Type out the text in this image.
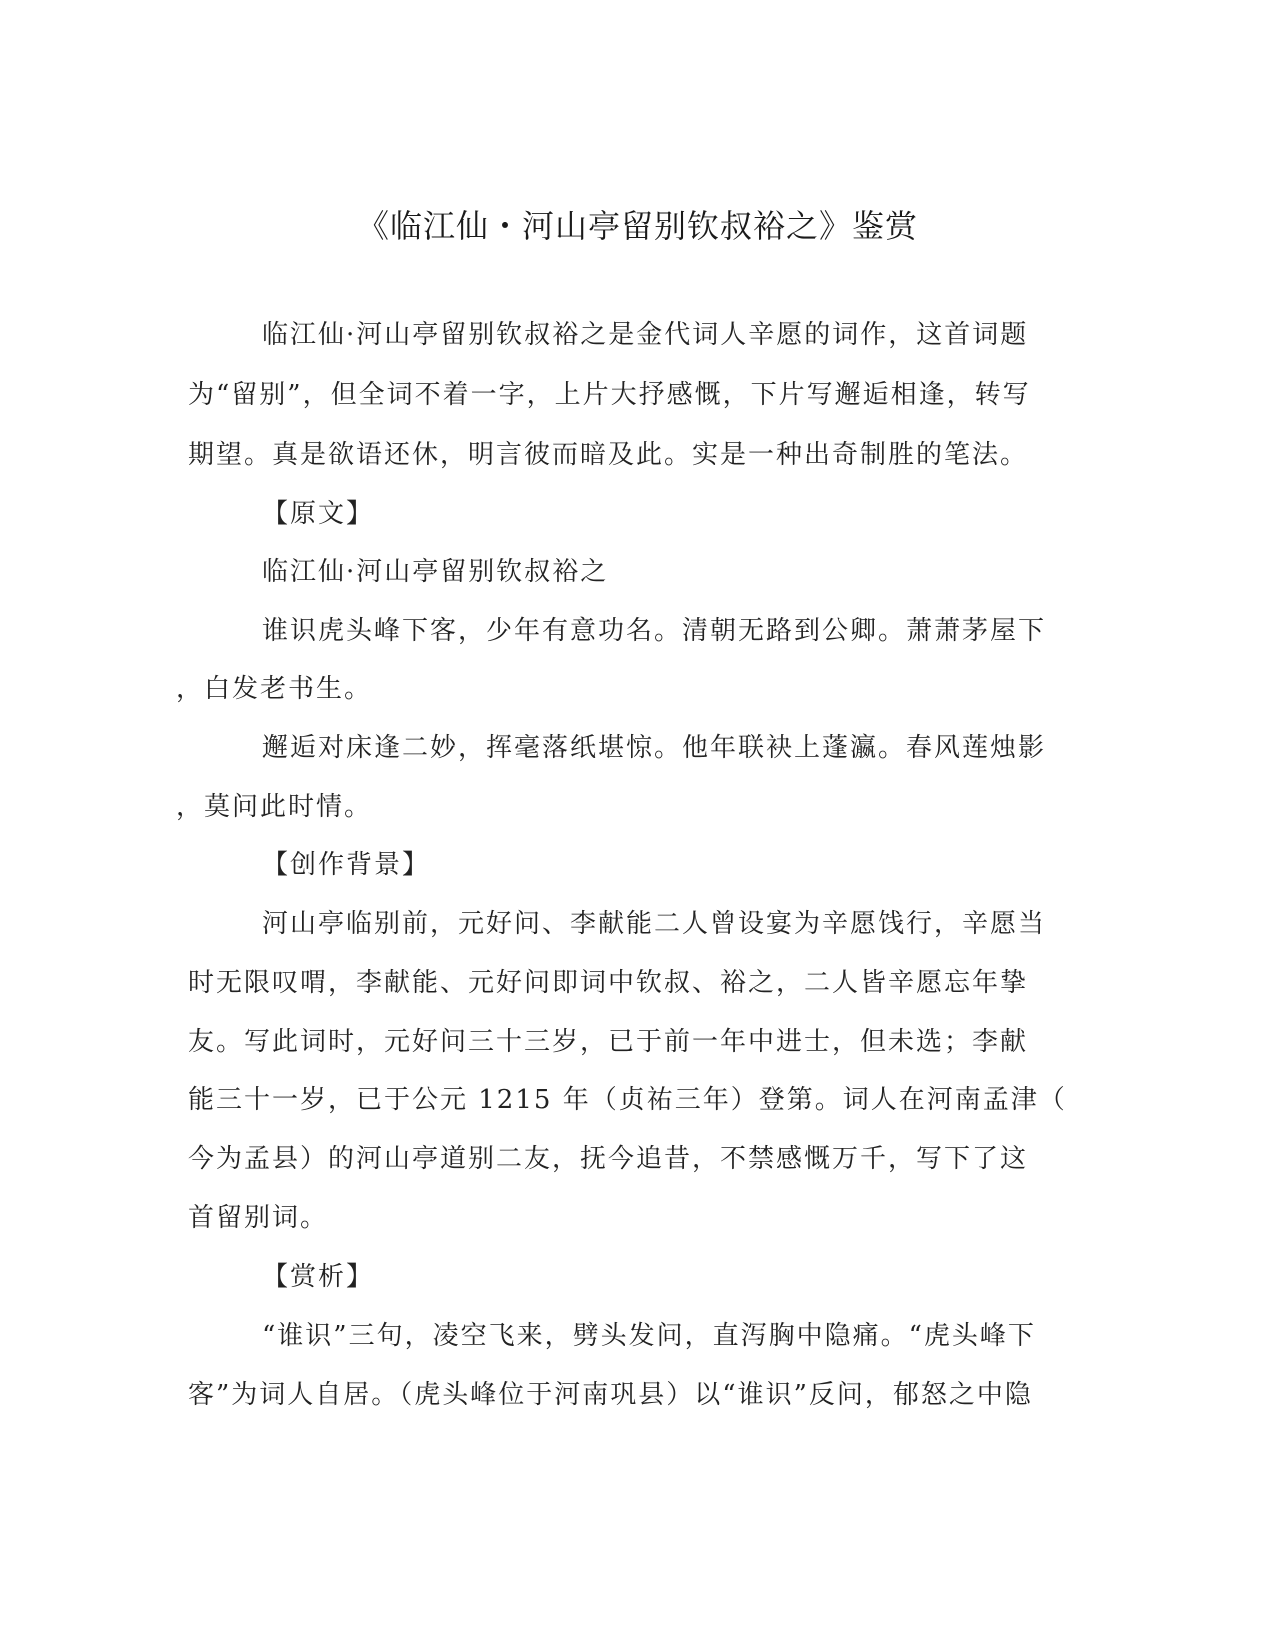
《临江仙・河山亭留别钦叔裕之》鉴赏
临江仙·河山亭留别钦叔裕之是金代词人辛愿的词作，这首词题
为“留别”，但全词不着一字，上片大抒感慨，下片写邂逅相逢，转写
期望。真是欲语还休，明言彼而暗及此。实是一种出奇制胜的笔法。
【原文】
临江仙·河山亭留别钦叔裕之
谁识虎头峰下客，少年有意功名。清朝无路到公卿。萧萧茅屋下
，白发老书生。
邂逅对床逢二妙，挥毫落纸堪惊。他年联袂上蓬瀛。春风莲烛影
，莫问此时情。
【创作背景】
河山亭临别前，元好问、李献能二人曾设宴为辛愿饯行，辛愿当
时无限叹喟，李献能、元好问即词中钦叔、裕之，二人皆辛愿忘年挚
友。写此词时，元好问三十三岁，已于前一年中进士，但未选；李献
能三十一岁，已于公元 1215 年（贞祐三年）登第。词人在河南孟津（
今为孟县）的河山亭道别二友，抚今追昔，不禁感慨万千，写下了这
首留别词。
【赏析】
“谁识”三句，凌空飞来，劈头发问，直泻胸中隐痛。“虎头峰下
客”为词人自居。（虎头峰位于河南巩县）以“谁识”反问，郁怒之中隐
